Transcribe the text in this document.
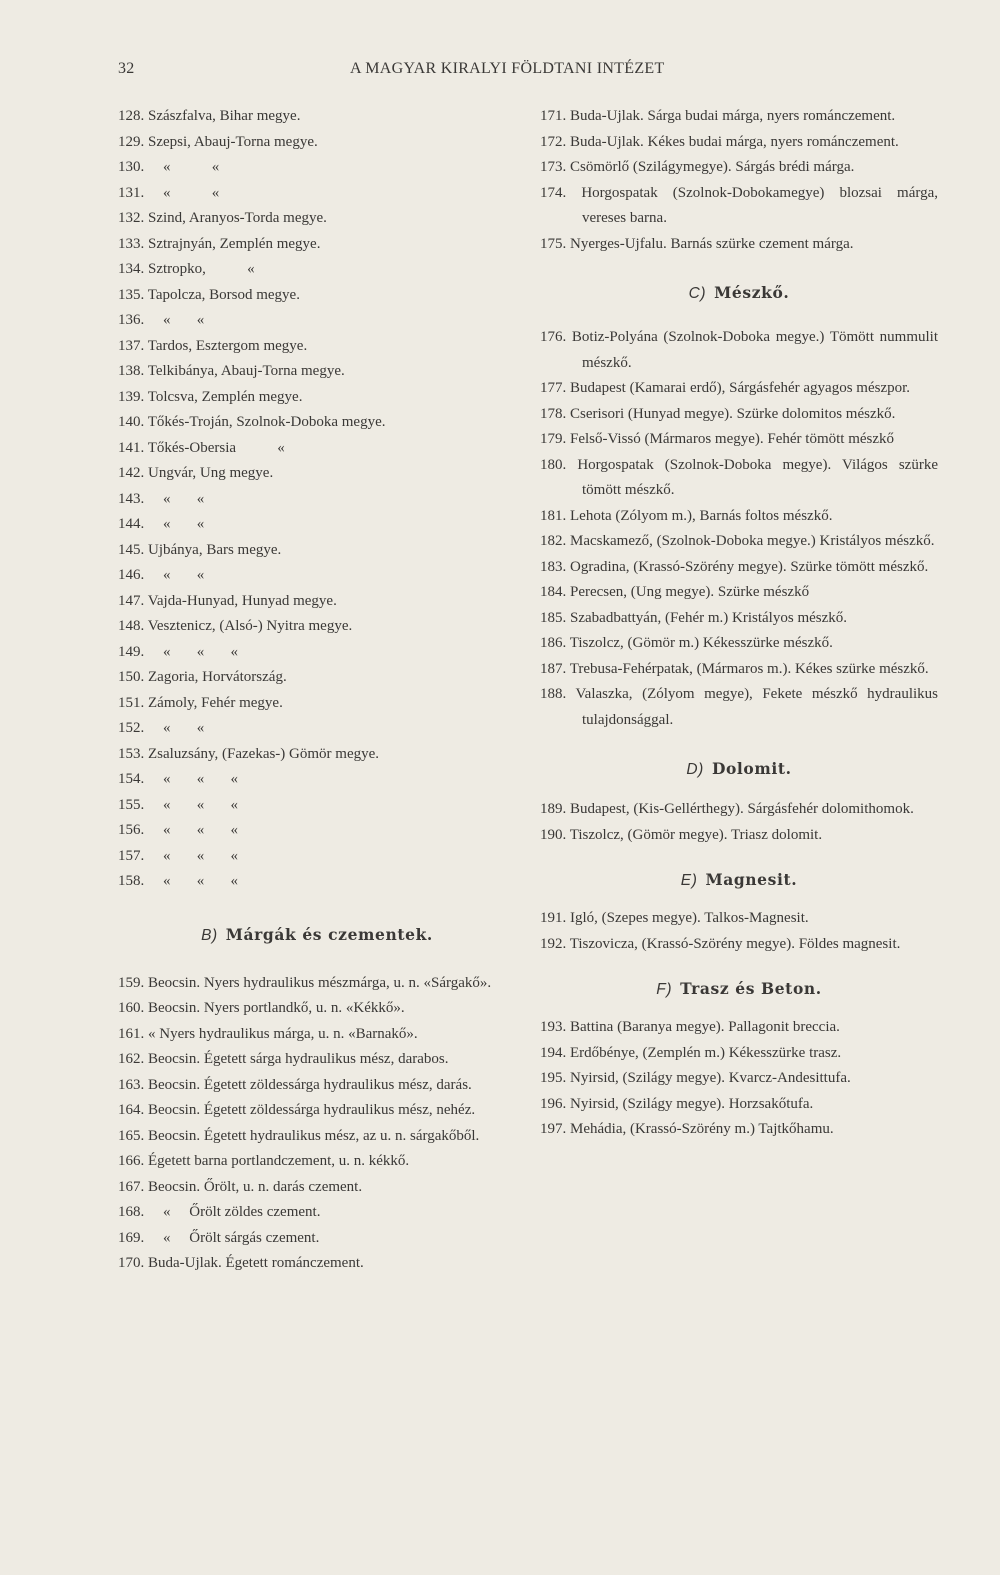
32	A MAGYAR KIRALYI FÖLDTANI INTÉZET
128. Szászfalva, Bihar megye.
129. Szepsi, Abauj-Torna megye.
130.     «           «
131.     «           «
132. Szind, Aranyos-Torda megye.
133. Sztrajnyán, Zemplén megye.
134. Sztropko,           «
135. Tapolcza, Borsod megye.
136.     «       «
137. Tardos, Esztergom megye.
138. Telkibánya, Abauj-Torna megye.
139. Tolcsva, Zemplén megye.
140. Tőkés-Troján, Szolnok-Doboka megye.
141. Tőkés-Obersia           «
142. Ungvár, Ung megye.
143.     «       «
144.     «       «
145. Ujbánya, Bars megye.
146.     «       «
147. Vajda-Hunyad, Hunyad megye.
148. Vesztenicz, (Alsó-) Nyitra megye.
149.     «       «       «
150. Zagoria, Horvátország.
151. Zámoly, Fehér megye.
152.     «       «
153. Zsaluzsány, (Fazekas-) Gömör megye.
154.     «       «       «
155.     «       «       «
156.     «       «       «
157.     «       «       «
158.     «       «       «
B) Márgák és czementek.
159. Beocsin. Nyers hydraulikus mészmárga, u. n. «Sárgakő».
160. Beocsin. Nyers portlandkő, u. n. «Kékkő».
161. « Nyers hydraulikus márga, u. n. «Barnakő».
162. Beocsin. Égetett sárga hydraulikus mész, darabos.
163. Beocsin. Égetett zöldessárga hydraulikus mész, darás.
164. Beocsin. Égetett zöldessárga hydraulikus mész, nehéz.
165. Beocsin. Égetett hydraulikus mész, az u. n. sárgakőből.
166. Égetett barna portlandczement, u. n. kékkő.
167. Beocsin. Őrölt, u. n. darás czement.
168.     «     Őrölt zöldes czement.
169.     «     Őrölt sárgás czement.
170. Buda-Ujlak. Égetett románczement.
171. Buda-Ujlak. Sárga budai márga, nyers románczement.
172. Buda-Ujlak. Kékes budai márga, nyers románczement.
173. Csömörlő (Szilágymegye). Sárgás brédi márga.
174. Horgospatak (Szolnok-Dobokamegye) blozsai márga, vereses barna.
175. Nyerges-Ujfalu. Barnás szürke czement márga.
C) Mészkő.
176. Botiz-Polyána (Szolnok-Doboka megye.) Tömött nummulit mészkő.
177. Budapest (Kamarai erdő), Sárgásfehér agyagos mészpor.
178. Cserisori (Hunyad megye). Szürke dolomitos mészkő.
179. Felső-Vissó (Mármaros megye). Fehér tömött mészkő
180. Horgospatak (Szolnok-Doboka megye). Világos szürke tömött mészkő.
181. Lehota (Zólyom m.), Barnás foltos mészkő.
182. Macskamező, (Szolnok-Doboka megye.) Kristályos mészkő.
183. Ogradina, (Krassó-Szörény megye). Szürke tömött mészkő.
184. Perecsen, (Ung megye). Szürke mészkő
185. Szabadbattyán, (Fehér m.) Kristályos mészkő.
186. Tiszolcz, (Gömör m.) Kékesszürke mészkő.
187. Trebusa-Fehérpatak, (Mármaros m.). Kékes szürke mészkő.
188. Valaszka, (Zólyom megye), Fekete mészkő hydraulikus tulajdonsággal.
D) Dolomit.
189. Budapest, (Kis-Gellérthegy). Sárgásfehér dolomithomok.
190. Tiszolcz, (Gömör megye). Triasz dolomit.
E) Magnesit.
191. Igló, (Szepes megye). Talkos-Magnesit.
192. Tiszovicza, (Krassó-Szörény megye). Földes magnesit.
F) Trasz és Beton.
193. Battina (Baranya megye). Pallagonit breccia.
194. Erdőbénye, (Zemplén m.) Kékesszürke trasz.
195. Nyirsid, (Szilágy megye). Kvarcz-Andesittufa.
196. Nyirsid, (Szilágy megye). Horzsakőtufa.
197. Mehádia, (Krassó-Szörény m.) Tajtkőhamu.
